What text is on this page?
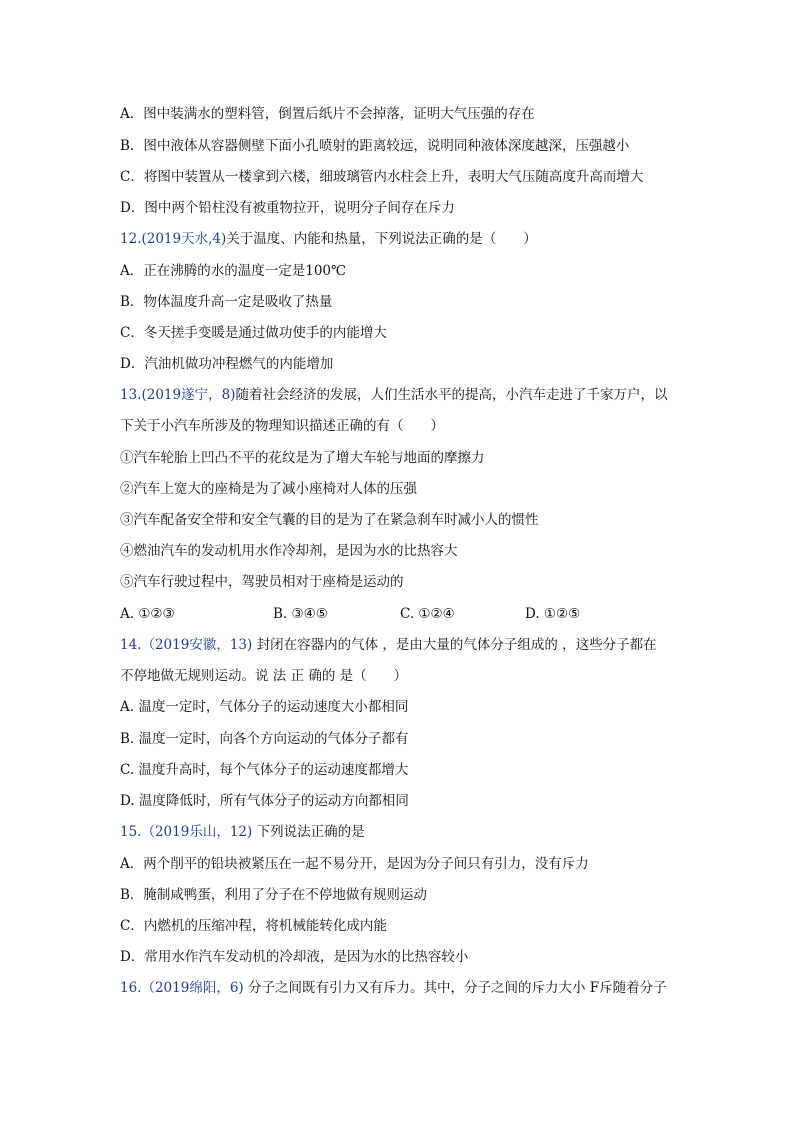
A．图中装满水的塑料管，倒置后纸片不会掉落，证明大气压强的存在
B．图中液体从容器侧壁下面小孔喷射的距离较远，说明同种液体深度越深，压强越小
C．将图中装置从一楼拿到六楼，细玻璃管内水柱会上升，表明大气压随高度升高而增大
D．图中两个铅柱没有被重物拉开，说明分子间存在斥力
12.(2019天水,4)关于温度、内能和热量，下列说法正确的是（　　）
A．正在沸腾的水的温度一定是100℃
B．物体温度升高一定是吸收了热量
C．冬天搓手变暖是通过做功使手的内能增大
D．汽油机做功冲程燃气的内能增加
13.(2019遂宁，8)随着社会经济的发展，人们生活水平的提高，小汽车走进了千家万户，以
下关于小汽车所涉及的物理知识描述正确的有（　　）
①汽车轮胎上凹凸不平的花纹是为了增大车轮与地面的摩擦力
②汽车上宽大的座椅是为了减小座椅对人体的压强
③汽车配备安全带和安全气囊的目的是为了在紧急刹车时减小人的惯性
④燃油汽车的发动机用水作冷却剂，是因为水的比热容大
⑤汽车行驶过程中，驾驶员相对于座椅是运动的
A. ①②③	B. ③④⑤	C. ①②④	D. ①②⑤
14.（2019安徽，13) 封闭在容器内的气体 ，是由大量的气体分子组成的 ，这些分子都在
不停地做无规则运动。说 法 正 确的 是（　　）
A. 温度一定时，气体分子的运动速度大小都相同
B. 温度一定时，向各个方向运动的气体分子都有
C. 温度升高时，每个气体分子的运动速度都增大
D. 温度降低时，所有气体分子的运动方向都相同
15.（2019乐山，12) 下列说法正确的是
A．两个削平的铅块被紧压在一起不易分开，是因为分子间只有引力，没有斥力
B．腌制咸鸭蛋，利用了分子在不停地做有规则运动
C．内燃机的压缩冲程，将机械能转化成内能
D．常用水作汽车发动机的冷却液，是因为水的比热容较小
16.（2019绵阳，6) 分子之间既有引力又有斥力。其中，分子之间的斥力大小 F斥随着分子
